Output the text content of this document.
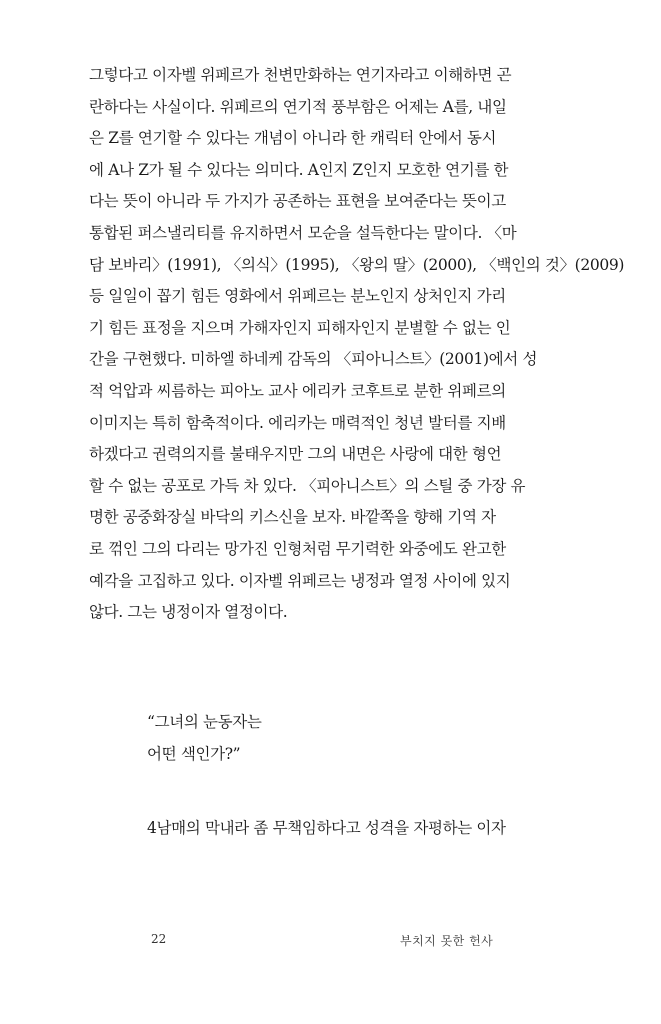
그렇다고 이자벨 위페르가 천변만화하는 연기자라고 이해하면 곤
란하다는 사실이다. 위페르의 연기적 풍부함은 어제는 A를, 내일
은 Z를 연기할 수 있다는 개념이 아니라 한 캐릭터 안에서 동시
에 A나 Z가 될 수 있다는 의미다. A인지 Z인지 모호한 연기를 한
다는 뜻이 아니라 두 가지가 공존하는 표현을 보여준다는 뜻이고
통합된 퍼스낼리티를 유지하면서 모순을 설득한다는 말이다. 〈마
담 보바리〉(1991), 〈의식〉(1995), 〈왕의 딸〉(2000), 〈백인의 것〉(2009)
등 일일이 꼽기 힘든 영화에서 위페르는 분노인지 상처인지 가리
기 힘든 표정을 지으며 가해자인지 피해자인지 분별할 수 없는 인
간을 구현했다. 미하엘 하네케 감독의 〈피아니스트〉(2001)에서 성
적 억압과 씨름하는 피아노 교사 에리카 코후트로 분한 위페르의
이미지는 특히 함축적이다. 에리카는 매력적인 청년 발터를 지배
하겠다고 권력의지를 불태우지만 그의 내면은 사랑에 대한 형언
할 수 없는 공포로 가득 차 있다. 〈피아니스트〉의 스틸 중 가장 유
명한 공중화장실 바닥의 키스신을 보자. 바깥쪽을 향해 기역 자
로 꺾인 그의 다리는 망가진 인형처럼 무기력한 와중에도 완고한
예각을 고집하고 있다. 이자벨 위페르는 냉정과 열정 사이에 있지
않다. 그는 냉정이자 열정이다.
“그녀의 눈동자는
어떤 색인가?”
4남매의 막내라 좀 무책임하다고 성격을 자평하는 이자
22	부치지 못한 헌사
